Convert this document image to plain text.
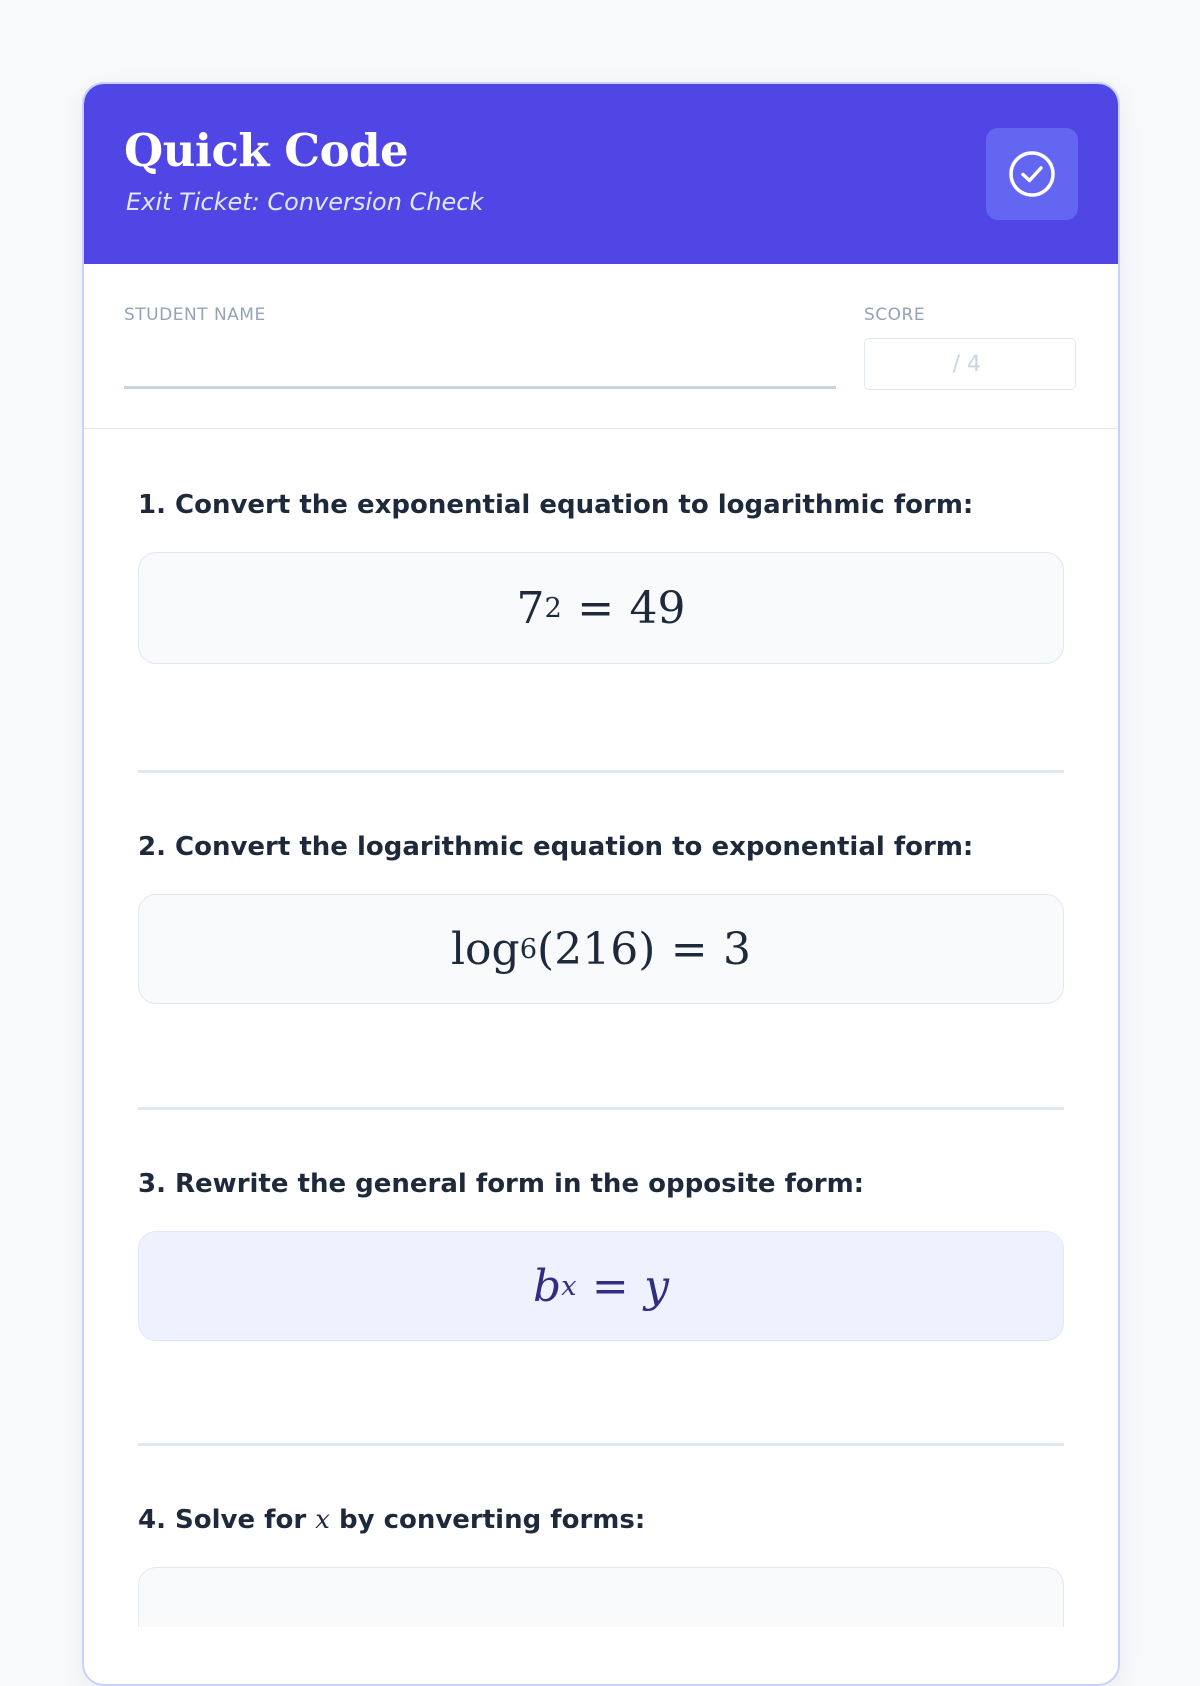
Quick Code
Exit Ticket: Conversion Check
STUDENT NAME	SCORE
/ 4
1. Convert the exponential equation to logarithmic form:
7 2 = 49
2. Convert the logarithmic equation to exponential form:
log 6 (216) = 3
3. Rewrite the general form in the opposite form:
b x = y
4. Solve for x by converting forms:
